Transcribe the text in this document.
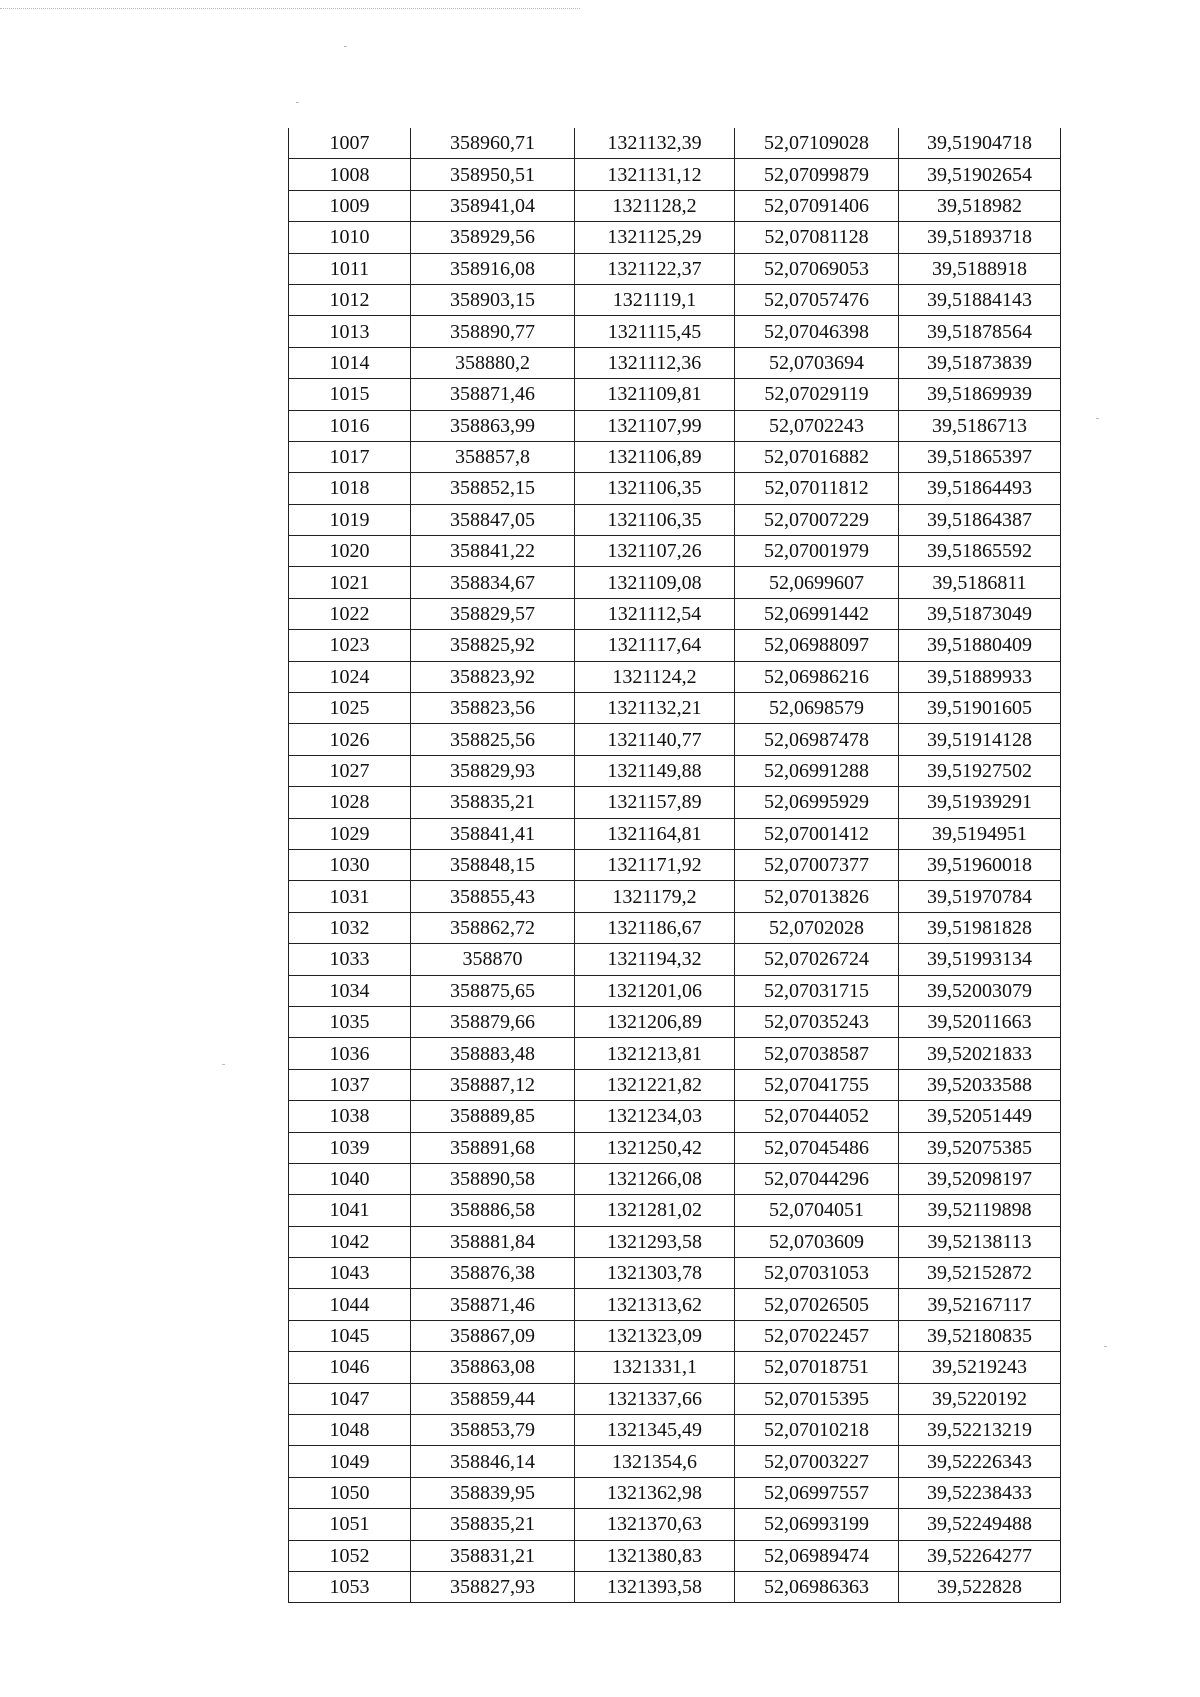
1007	358960,71	1321132,39	52,07109028	39,51904718
1008	358950,51	1321131,12	52,07099879	39,51902654
1009	358941,04	1321128,2	52,07091406	39,518982
1010	358929,56	1321125,29	52,07081128	39,51893718
1011	358916,08	1321122,37	52,07069053	39,5188918
1012	358903,15	1321119,1	52,07057476	39,51884143
1013	358890,77	1321115,45	52,07046398	39,51878564
1014	358880,2	1321112,36	52,0703694	39,51873839
1015	358871,46	1321109,81	52,07029119	39,51869939
1016	358863,99	1321107,99	52,0702243	39,5186713
1017	358857,8	1321106,89	52,07016882	39,51865397
1018	358852,15	1321106,35	52,07011812	39,51864493
1019	358847,05	1321106,35	52,07007229	39,51864387
1020	358841,22	1321107,26	52,07001979	39,51865592
1021	358834,67	1321109,08	52,0699607	39,5186811
1022	358829,57	1321112,54	52,06991442	39,51873049
1023	358825,92	1321117,64	52,06988097	39,51880409
1024	358823,92	1321124,2	52,06986216	39,51889933
1025	358823,56	1321132,21	52,0698579	39,51901605
1026	358825,56	1321140,77	52,06987478	39,51914128
1027	358829,93	1321149,88	52,06991288	39,51927502
1028	358835,21	1321157,89	52,06995929	39,51939291
1029	358841,41	1321164,81	52,07001412	39,5194951
1030	358848,15	1321171,92	52,07007377	39,51960018
1031	358855,43	1321179,2	52,07013826	39,51970784
1032	358862,72	1321186,67	52,0702028	39,51981828
1033	358870	1321194,32	52,07026724	39,51993134
1034	358875,65	1321201,06	52,07031715	39,52003079
1035	358879,66	1321206,89	52,07035243	39,52011663
1036	358883,48	1321213,81	52,07038587	39,52021833
1037	358887,12	1321221,82	52,07041755	39,52033588
1038	358889,85	1321234,03	52,07044052	39,52051449
1039	358891,68	1321250,42	52,07045486	39,52075385
1040	358890,58	1321266,08	52,07044296	39,52098197
1041	358886,58	1321281,02	52,0704051	39,52119898
1042	358881,84	1321293,58	52,0703609	39,52138113
1043	358876,38	1321303,78	52,07031053	39,52152872
1044	358871,46	1321313,62	52,07026505	39,52167117
1045	358867,09	1321323,09	52,07022457	39,52180835
1046	358863,08	1321331,1	52,07018751	39,5219243
1047	358859,44	1321337,66	52,07015395	39,5220192
1048	358853,79	1321345,49	52,07010218	39,52213219
1049	358846,14	1321354,6	52,07003227	39,52226343
1050	358839,95	1321362,98	52,06997557	39,52238433
1051	358835,21	1321370,63	52,06993199	39,52249488
1052	358831,21	1321380,83	52,06989474	39,52264277
1053	358827,93	1321393,58	52,06986363	39,522828
